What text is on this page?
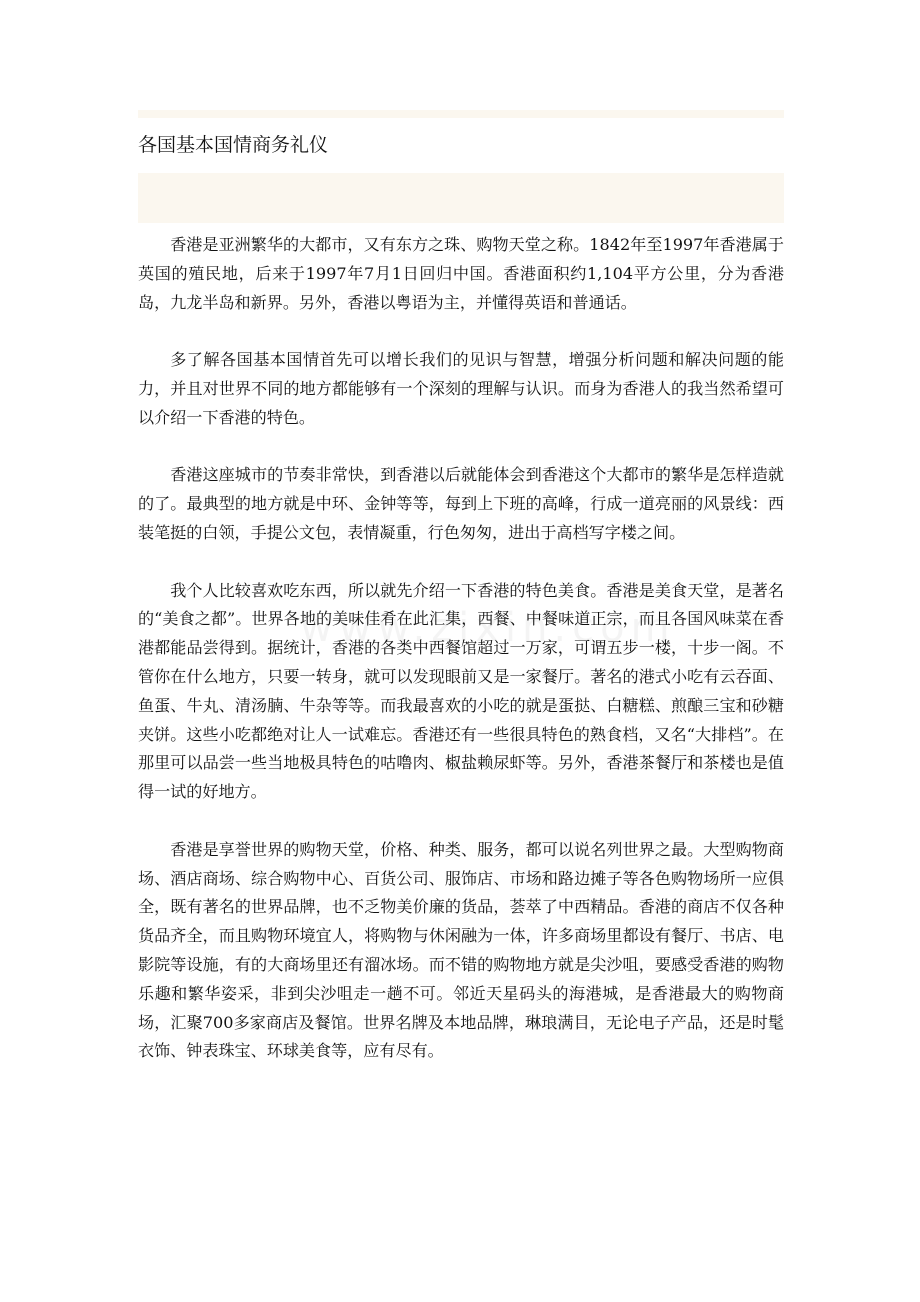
各国基本国情商务礼仪

香港是亚洲繁华的大都市，又有东方之珠、购物天堂之称。1842年至1997年香港属于英国的殖民地，后来于1997年7月1日回归中国。香港面积约1,104平方公里，分为香港岛，九龙半岛和新界。另外，香港以粤语为主，并懂得英语和普通话。

多了解各国基本国情首先可以增长我们的见识与智慧，增强分析问题和解决问题的能力，并且对世界不同的地方都能够有一个深刻的理解与认识。而身为香港人的我当然希望可以介绍一下香港的特色。

香港这座城市的节奏非常快，到香港以后就能体会到香港这个大都市的繁华是怎样造就的了。最典型的地方就是中环、金钟等等，每到上下班的高峰，行成一道亮丽的风景线：西装笔挺的白领，手提公文包，表情凝重，行色匆匆，进出于高档写字楼之间。

我个人比较喜欢吃东西，所以就先介绍一下香港的特色美食。香港是美食天堂，是著名的“美食之都”。世界各地的美味佳肴在此汇集，西餐、中餐味道正宗，而且各国风味菜在香港都能品尝得到。据统计，香港的各类中西餐馆超过一万家，可谓五步一楼，十步一阁。不管你在什么地方，只要一转身，就可以发现眼前又是一家餐厅。著名的港式小吃有云吞面、鱼蛋、牛丸、清汤腩、牛杂等等。而我最喜欢的小吃的就是蛋挞、白糖糕、煎酿三宝和砂糖夹饼。这些小吃都绝对让人一试难忘。香港还有一些很具特色的熟食档，又名“大排档”。在那里可以品尝一些当地极具特色的咕噜肉、椒盐赖尿虾等。另外，香港茶餐厅和茶楼也是值得一试的好地方。

香港是享誉世界的购物天堂，价格、种类、服务，都可以说名列世界之最。大型购物商场、酒店商场、综合购物中心、百货公司、服饰店、市场和路边摊子等各色购物场所一应俱全，既有著名的世界品牌，也不乏物美价廉的货品，荟萃了中西精品。香港的商店不仅各种货品齐全，而且购物环境宜人，将购物与休闲融为一体，许多商场里都设有餐厅、书店、电影院等设施，有的大商场里还有溜冰场。而不错的购物地方就是尖沙咀，要感受香港的购物乐趣和繁华姿采，非到尖沙咀走一趟不可。邻近天星码头的海港城，是香港最大的购物商场，汇聚700多家商店及餐馆。世界名牌及本地品牌，琳琅满目，无论电子产品，还是时髦衣饰、钟表珠宝、环球美食等，应有尽有。
